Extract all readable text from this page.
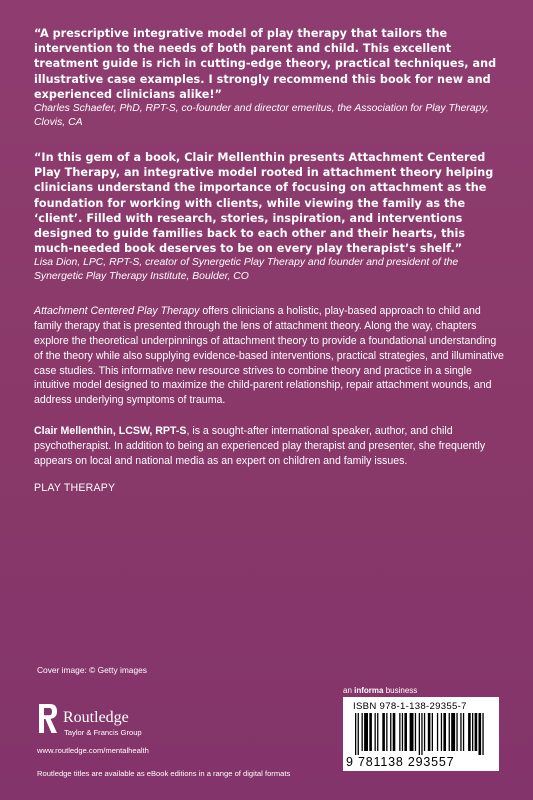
“A prescriptive integrative model of play therapy that tailors the intervention to the needs of both parent and child. This excellent treatment guide is rich in cutting-edge theory, practical techniques, and illustrative case examples. I strongly recommend this book for new and experienced clinicians alike!”

Charles Schaefer, PhD, RPT-S, co-founder and director emeritus, the Association for Play Therapy, Clovis, CA

“In this gem of a book, Clair Mellenthin presents Attachment Centered Play Therapy, an integrative model rooted in attachment theory helping clinicians understand the importance of focusing on attachment as the foundation for working with clients, while viewing the family as the ‘client’. Filled with research, stories, inspiration, and interventions designed to guide families back to each other and their hearts, this much-needed book deserves to be on every play therapist’s shelf.”

Lisa Dion, LPC, RPT-S, creator of Synergetic Play Therapy and founder and president of the Synergetic Play Therapy Institute, Boulder, CO

Attachment Centered Play Therapy offers clinicians a holistic, play-based approach to child and family therapy that is presented through the lens of attachment theory. Along the way, chapters explore the theoretical underpinnings of attachment theory to provide a foundational understanding of the theory while also supplying evidence-based interventions, practical strategies, and illuminative case studies. This informative new resource strives to combine theory and practice in a single intuitive model designed to maximize the child-parent relationship, repair attachment wounds, and address underlying symptoms of trauma.

Clair Mellenthin, LCSW, RPT-S, is a sought-after international speaker, author, and child psychotherapist. In addition to being an experienced play therapist and presenter, she frequently appears on local and national media as an expert on children and family issues.

PLAY THERAPY

Cover image: © Getty images
Routledge
Taylor & Francis Group
www.routledge.com/mentalhealth
Routledge titles are available as eBook editions in a range of digital formats
an informa business
ISBN 978-1-138-29355-7
9 781138 293557
